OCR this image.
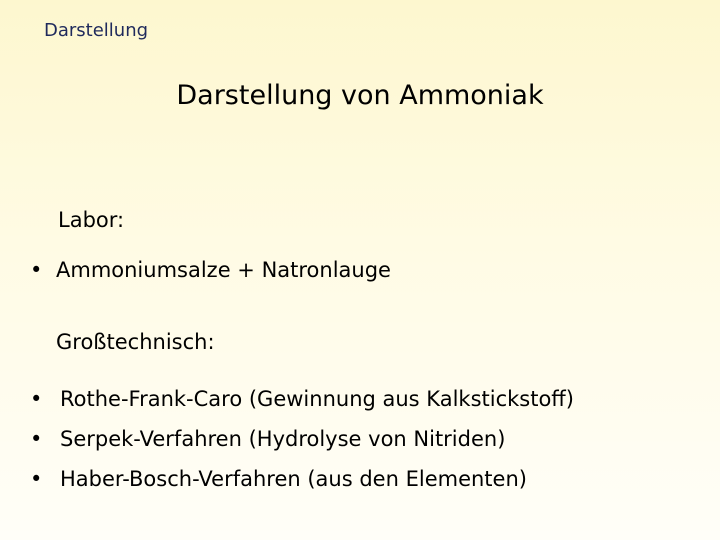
Darstellung
Darstellung von Ammoniak
Labor:
• Ammoniumsalze + Natronlauge
Großtechnisch:
• Rothe-Frank-Caro (Gewinnung aus Kalkstickstoff)
• Serpek-Verfahren (Hydrolyse von Nitriden)
• Haber-Bosch-Verfahren (aus den Elementen)
